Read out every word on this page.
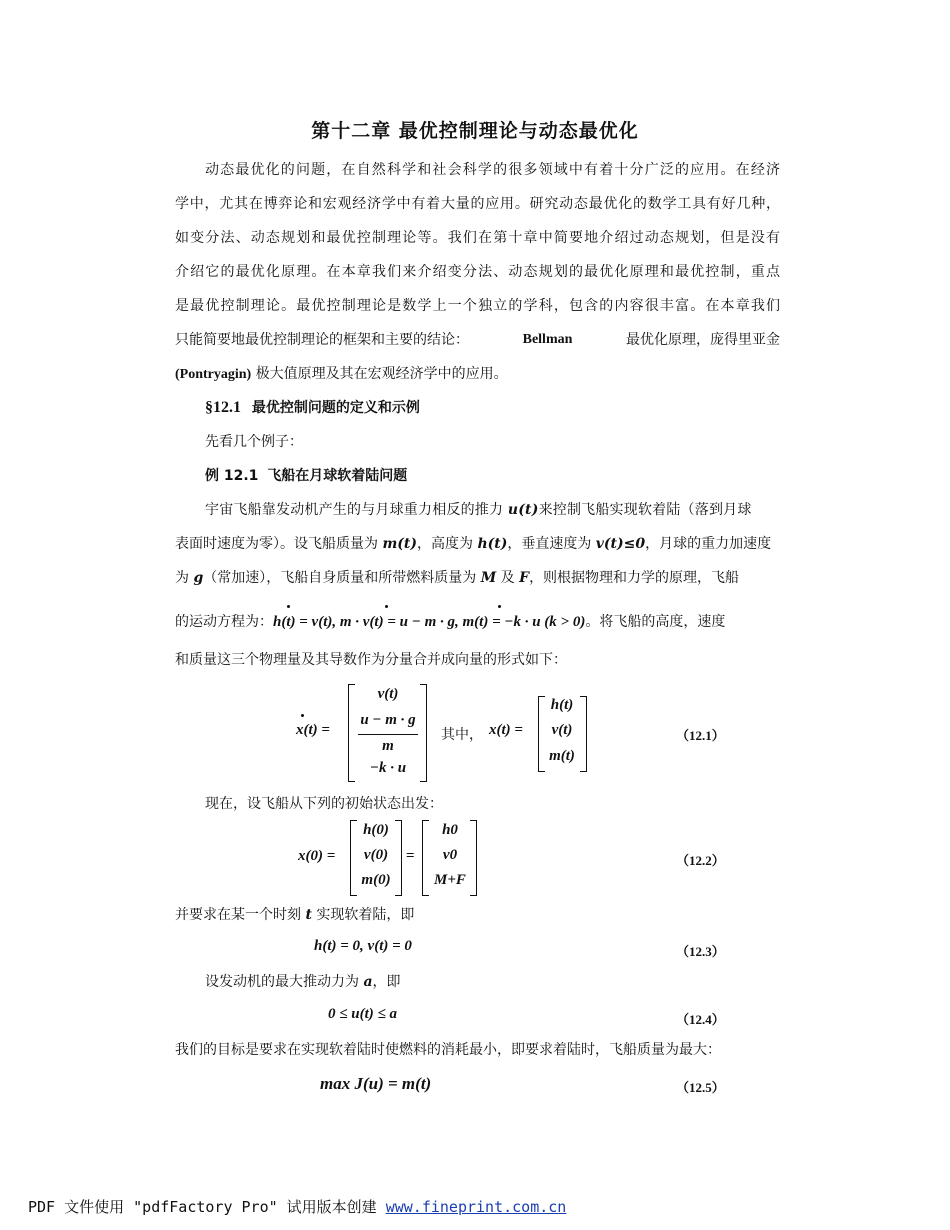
第十二章 最优控制理论与动态最优化
动态最优化的问题，在自然科学和社会科学的很多领域中有着十分广泛的应用。在经济
学中，尤其在博弈论和宏观经济学中有着大量的应用。研究动态最优化的数学工具有好几种，
如变分法、动态规划和最优控制理论等。我们在第十章中简要地介绍过动态规划，但是没有
介绍它的最优化原理。在本章我们来介绍变分法、动态规划的最优化原理和最优控制，重点
是最优控制理论。最优控制理论是数学上一个独立的学科，包含的内容很丰富。在本章我们
只能简要地最优控制理论的框架和主要的结论：	Bellman	最优化原理，庞得里亚金
(Pontryagin) 极大值原理及其在宏观经济学中的应用。
§12.1 最优控制问题的定义和示例
先看几个例子：
例 12.1 飞船在月球软着陆问题
宇宙飞船靠发动机产生的与月球重力相反的推力 u(t)来控制飞船实现软着陆（落到月球
表面时速度为零）。设飞船质量为 m(t)，高度为 h(t)，垂直速度为 v(t)≤0，月球的重力加速度
为 g（常加速），飞船自身质量和所带燃料质量为 M 及 F，则根据物理和力学的原理，飞船
的运动方程为：h(t) = v(t), m · v(t) = u − m · g, m(t) = −k · u (k > 0)。将飞船的高度，速度
和质量这三个物理量及其导数作为分量合并成向量的形式如下：
x(t) =
v(t)
u − m · g
m
−k · u
其中， x(t) =
h(t)
v(t)
m(t)
（12.1）
现在，设飞船从下列的初始状态出发：
x(0) =
h(0)
v(0)
m(0)
=
h0
v0
M+F
（12.2）
并要求在某一个时刻 t 实现软着陆，即
h(t) = 0, v(t) = 0	（12.3）
设发动机的最大推动力为 a，即
0 ≤ u(t) ≤ a	（12.4）
我们的目标是要求在实现软着陆时使燃料的消耗最小，即要求着陆时，飞船质量为最大：
max J(u) = m(t)	（12.5）
PDF 文件使用 "pdfFactory Pro" 试用版本创建 www.fineprint.com.cn
